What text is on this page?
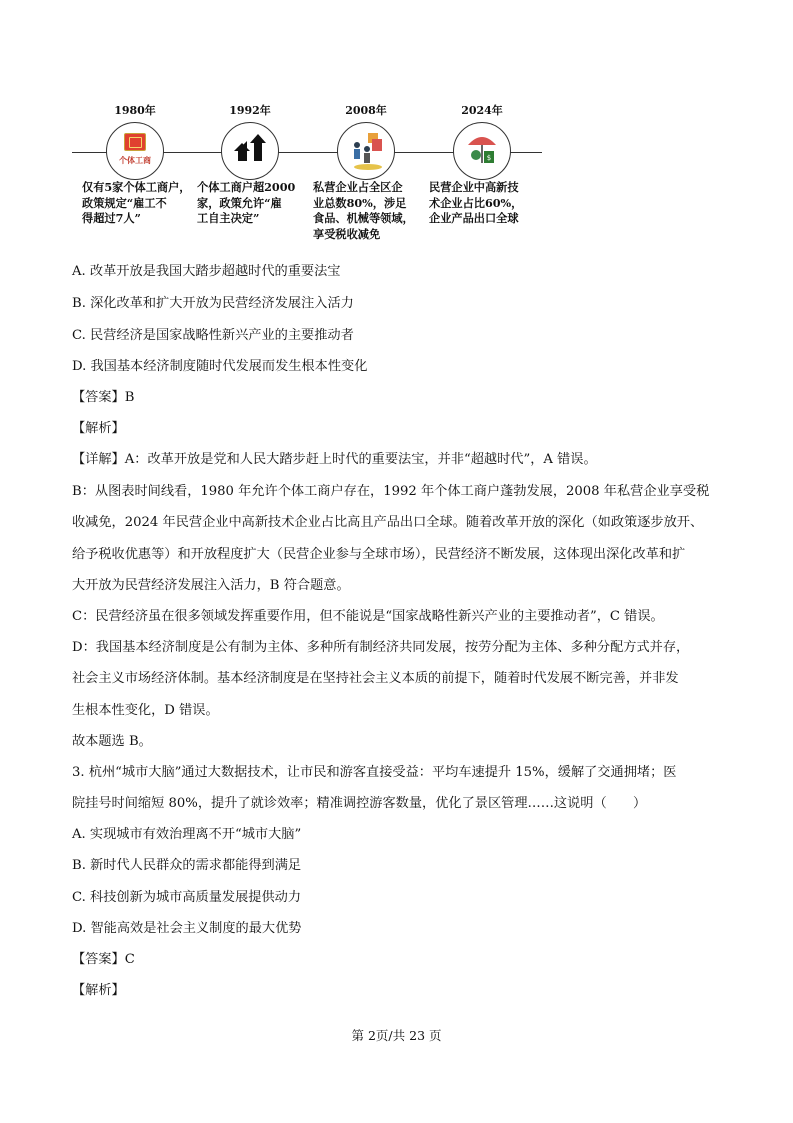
1980年
个体工商
仅有5家个体工商户，
政策规定“雇工不
得超过7人”
1992年
个体工商户超2000
家，政策允许“雇
工自主决定”
2008年
私营企业占全区企
业总数80%，涉足
食品、机械等领域，
享受税收减免
2024年
$
民营企业中高新技
术企业占比60%，
企业产品出口全球
A. 改革开放是我国大踏步超越时代的重要法宝
B. 深化改革和扩大开放为民营经济发展注入活力
C. 民营经济是国家战略性新兴产业的主要推动者
D. 我国基本经济制度随时代发展而发生根本性变化
【答案】B
【解析】
【详解】A：改革开放是党和人民大踏步赶上时代的重要法宝，并非“超越时代”，A 错误。
B：从图表时间线看，1980 年允许个体工商户存在，1992 年个体工商户蓬勃发展，2008 年私营企业享受税
收减免，2024 年民营企业中高新技术企业占比高且产品出口全球。随着改革开放的深化（如政策逐步放开、
给予税收优惠等）和开放程度扩大（民营企业参与全球市场），民营经济不断发展，这体现出深化改革和扩
大开放为民营经济发展注入活力，B 符合题意。
C：民营经济虽在很多领域发挥重要作用，但不能说是“国家战略性新兴产业的主要推动者”，C 错误。
D：我国基本经济制度是公有制为主体、多种所有制经济共同发展，按劳分配为主体、多种分配方式并存，
社会主义市场经济体制。基本经济制度是在坚持社会主义本质的前提下，随着时代发展不断完善，并非发
生根本性变化，D 错误。
故本题选 B。
3. 杭州“城市大脑”通过大数据技术，让市民和游客直接受益：平均车速提升 15%，缓解了交通拥堵；医
院挂号时间缩短 80%，提升了就诊效率；精准调控游客数量，优化了景区管理……这说明（　　）
A. 实现城市有效治理离不开“城市大脑”
B. 新时代人民群众的需求都能得到满足
C. 科技创新为城市高质量发展提供动力
D. 智能高效是社会主义制度的最大优势
【答案】C
【解析】
第 2页/共 23 页
